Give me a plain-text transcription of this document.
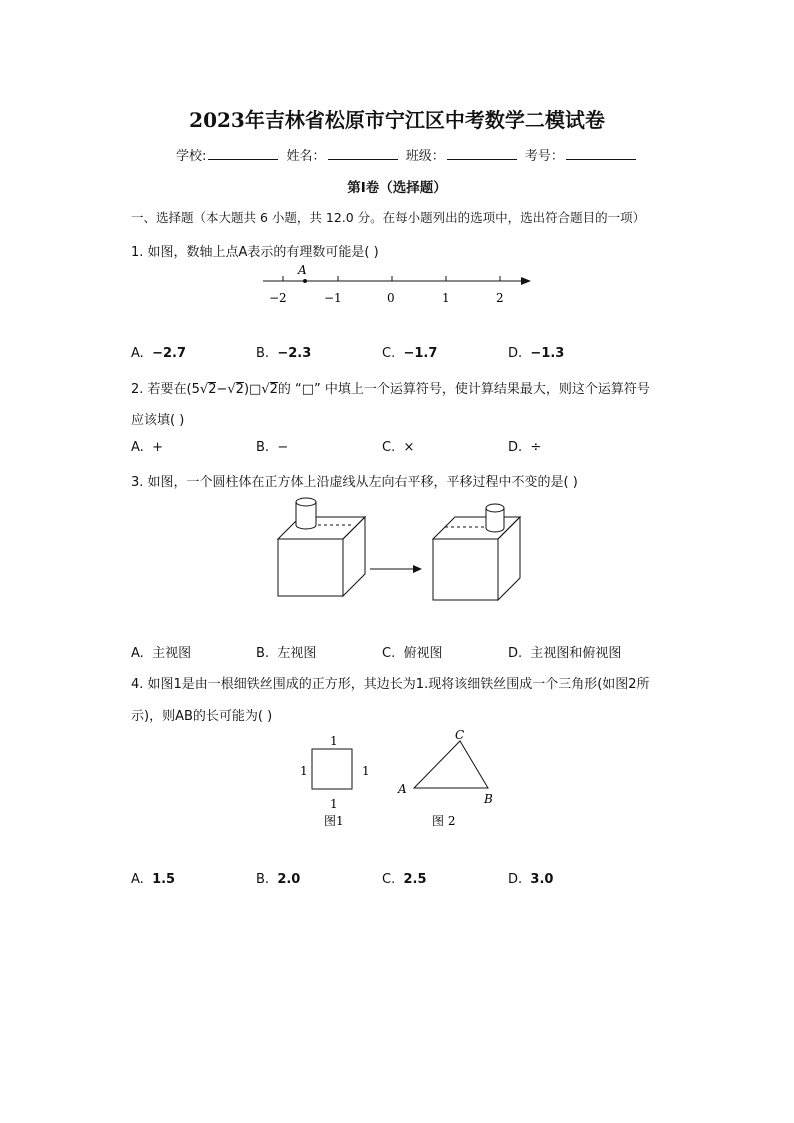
2023年吉林省松原市宁江区中考数学二模试卷
学校:	姓名：	班级：	考号：
第Ⅰ卷（选择题）
一、选择题（本大题共 6 小题，共 12.0 分。在每小题列出的选项中，选出符合题目的一项）
1. 如图，数轴上点A表示的有理数可能是( )
A
−2	−1	0	1	2
A. −2.7	B. −2.3	C. −1.7	D. −1.3
2. 若要在(5√2−√2)□√2的 “□” 中填上一个运算符号，使计算结果最大，则这个运算符号
应该填( )
A. +	B. −	C. ×	D. ÷
3. 如图，一个圆柱体在正方体上沿虚线从左向右平移，平移过程中不变的是( )
A. 主视图	B. 左视图	C. 俯视图	D. 主视图和俯视图
4. 如图1是由一根细铁丝围成的正方形，其边长为1.现将该细铁丝围成一个三角形(如图2所
示)，则AB的长可能为( )
1
1	1
1
图1
C
A
B
图 2
A. 1.5	B. 2.0	C. 2.5	D. 3.0
